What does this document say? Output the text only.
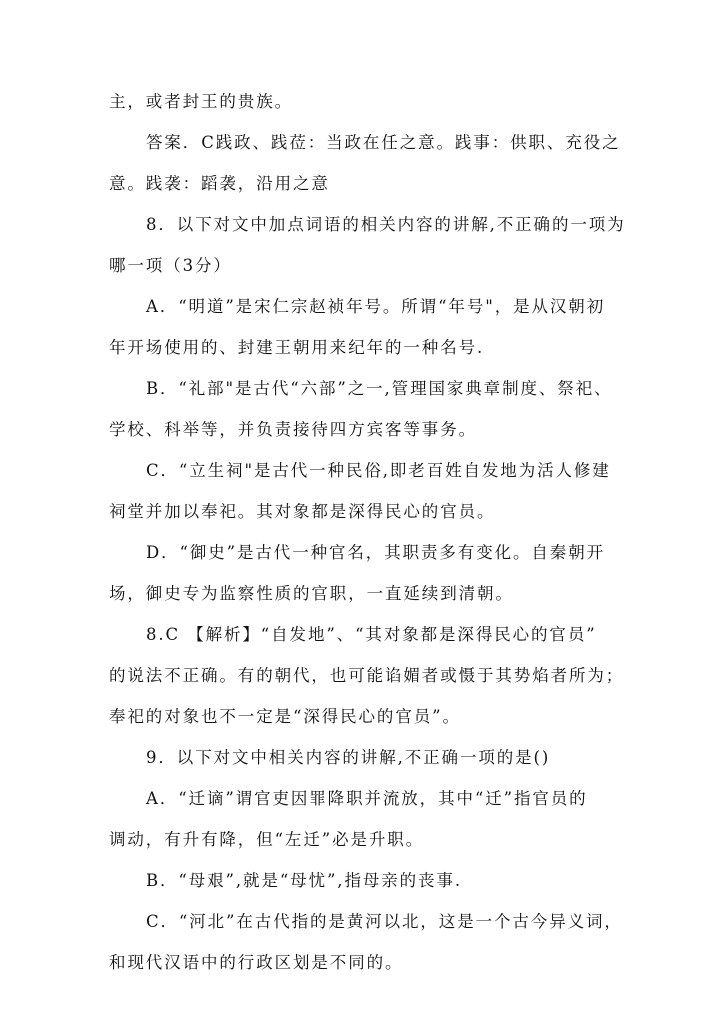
主，或者封王的贵族。
答案．C践政、践莅：当政在任之意。践事：供职、充役之
意。践袭：蹈袭，沿用之意
8．以下对文中加点词语的相关内容的讲解,不正确的一项为
哪一项（3分）
A．“明道”是宋仁宗赵祯年号。所谓“年号"，是从汉朝初
年开场使用的、封建王朝用来纪年的一种名号.
B．“礼部"是古代“六部”之一,管理国家典章制度、祭祀、
学校、科举等，并负责接待四方宾客等事务。
C．“立生祠"是古代一种民俗,即老百姓自发地为活人修建
祠堂并加以奉祀。其对象都是深得民心的官员。
D．“御史”是古代一种官名，其职责多有变化。自秦朝开
场，御史专为监察性质的官职，一直延续到清朝。
8.C 【解析】“自发地”、“其对象都是深得民心的官员”
的说法不正确。有的朝代，也可能谄媚者或慑于其势焰者所为；
奉祀的对象也不一定是“深得民心的官员”。
9．以下对文中相关内容的讲解,不正确一项的是()
A．“迁谪”谓官吏因罪降职并流放，其中“迁”指官员的
调动，有升有降，但“左迁”必是升职。
B．“母艰”,就是“母忧”,指母亲的丧事.
C．“河北”在古代指的是黄河以北，这是一个古今异义词，
和现代汉语中的行政区划是不同的。
